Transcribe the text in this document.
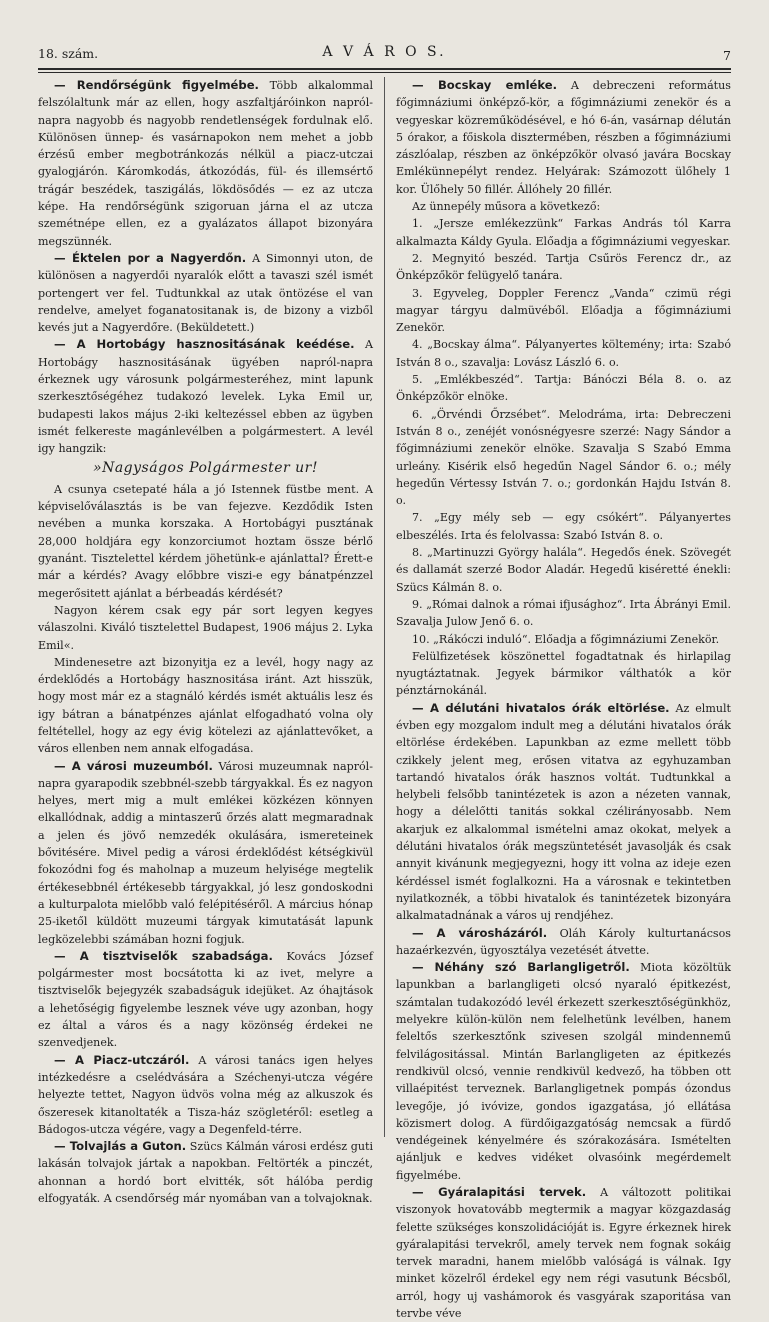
18. szám.	A V Á R O S.	7

— Rendőrségünk figyelmébe. Több alkalommal felszólaltunk már az ellen, hogy aszfaltjáróinkon napról-napra nagyobb és nagyobb rendetlenségek fordulnak elő. Különösen ünnep- és vasárnapokon nem mehet a jobb érzésű ember megbotránkozás nélkül a piacz-utczai gyalogjárón. Káromkodás, átkozódás, fül- és illemsértő trágár beszédek, taszigálás, lökdösődés — ez az utcza képe. Ha rendőrségünk szigoruan járna el az utcza szemétnépe ellen, ez a gyalázatos állapot bizonyára megszünnék.

— Éktelen por a Nagyerdőn. A Simonnyi uton, de különösen a nagyerdői nyaralók előtt a tavaszi szél ismét portengert ver fel. Tudtunkkal az utak öntözése el van rendelve, amelyet foganatositanak is, de bizony a vizből kevés jut a Nagyerdőre. (Beküldetett.)

— A Hortobágy hasznositásának keédése. A Hortobágy hasznositásának ügyében napról-napra érkeznek ugy városunk polgármesteréhez, mint lapunk szerkesztőségéhez tudakozó levelek. Lyka Emil ur, budapesti lakos május 2-iki keltezéssel ebben az ügyben ismét felkereste magánlevélben a polgármestert. A levél igy hangzik:

»Nagyságos Polgármester ur!

A csunya csetepaté hála a jó Istennek füstbe ment. A képviselőválasztás is be van fejezve. Kezdődik Isten nevében a munka korszaka. A Hortobágyi pusztának 28,000 holdjára egy konzorciumot hoztam össze bérlő gyanánt. Tisztelettel kérdem jöhetünk-e ajánlattal? Érett-e már a kérdés? Avagy előbbre viszi-e egy bánatpénzzel megerősitett ajánlat a bérbeadás kérdését?

Nagyon kérem csak egy pár sort legyen kegyes válaszolni. Kiváló tisztelettel Budapest, 1906 május 2. Lyka Emil«.

Mindenesetre azt bizonyitja ez a levél, hogy nagy az érdeklődés a Hortobágy hasznositása iránt. Azt hisszük, hogy most már ez a stagnáló kérdés ismét aktuális lesz és igy bátran a bánatpénzes ajánlat elfogadható volna oly feltétellel, hogy az egy évig kötelezi az ajánlattevőket, a város ellenben nem annak elfogadása.

— A városi muzeumból. Városi muzeumnak napról-napra gyarapodik szebbnél-szebb tárgyakkal. És ez nagyon helyes, mert mig a mult emlékei közkézen könnyen elkallódnak, addig a mintaszerű őrzés alatt megmaradnak a jelen és jövő nemzedék okulására, ismeretеinek bővitésére. Mivel pedig a városi érdeklődést kétségkivül fokozódni fog és maholnap a muzeum helyisége megtelik értékesebbnél értékesebb tárgyakkal, jó lesz gondoskodni a kulturpalota mielőbb való felépitéséről. A március hónap 25-iketől küldött muzeumi tárgyak kimutatását lapunk legközelebbi számában hozni fogjuk.

— A tisztviselők szabadsága. Kovács József polgármester most bocsátotta ki az ivet, melyre a tisztviselők bejegyzék szabadságuk idejüket. Az óhajtások a lehetőségig figyelembe lesznek véve ugy azonban, hogy ez által a város és a nagy közönség érdekei ne szenvedjenek.

— A Piacz-utczáról. A városi tanács igen helyes intézkedésre a cselédvására a Széchenyi-utcza végére helyezte tettet, Nagyon üdvös volna még az alkuszok és őszeresek kitanoltaték a Tisza-ház szögletéről: esetleg a Bádogos-utcza végére, vagy a Degenfeld-térre.

— Tolvajlás a Guton. Szücs Kálmán városi erdész guti lakásán tolvajok jártak a napokban. Feltörték a pinczét, ahonnan a hordó bort elvitték, sőt hálóba perdig elfogyaták. A csendőrség már nyomában van a tolvajoknak.

— Bocskay emléke. A debreczeni református főgimnáziumi önképző-kör, a főgimnáziumi zenekör és a vegyeskar közreműködésével, e hó 6-án, vasárnap délután 5 órakor, a főiskola disztermében, részben a főgimnáziumi zászlóalap, részben az önképzőkör olvasó javára Bocskay Emlékünnepélyt rendez. Helyárak: Számozott ülőhely 1 kor. Ülőhely 50 fillér. Állóhely 20 fillér.

Az ünnepély műsora a következő:

1. „Jersze emlékezzünk“ Farkas András tól Karra alkalmazta Káldy Gyula. Előadja a főgimnáziumi vegyeskar.

2. Megnyitó beszéd. Tartja Csűrös Ferencz dr., az Önképzőkör felügyelő tanára.

3. Egyveleg, Doppler Ferencz „Vanda“ czimü régi magyar tárgyu dalmüvéből. Előadja a főgimnáziumi Zenekör.

4. „Bocskay álma“. Pályanyertes költemény; irta: Szabó István 8 o., szavalja: Lovász László 6. o.

5. „Emlékbeszéd“. Tartja: Bánóczi Béla 8. o. az Önképzőkör elnöke.

6. „Örvéndi Őrzsébet“. Melodráma, irta: Debreczeni István 8 o., zenéjét vonósnégyesre szerzé: Nagy Sándor a főgimnáziumi zenekör elnöke. Szavalja S Szabó Emma urleány. Kisérik első hegedűn Nagel Sándor 6. o.; mély hegedűn Vértessy István 7. o.; gordonkán Hajdu István 8. o.

7. „Egy mély seb — egy csókért“. Pályanyertes elbeszélés. Irta és felolvassa: Szabó István 8. o.

8. „Martinuzzi György halála“. Hegedős ének. Szövegét és dallamát szerzé Bodor Aladár. Hegedű kiséretté énekli: Szücs Kálmán 8. o.

9. „Római dalnok a római ifjusághoz“. Irta Ábrányi Emil. Szavalja Julow Jenő 6. o.

10. „Rákóczi induló“. Előadja a főgimnáziumi Zenekör.

Felülfizetések köszönettel fogadtatnak és hirlapilag nyugtáztatnak. Jegyek bármikor válthatók a kör pénztárnokánál.

— A délutáni hivatalos órák eltörlése. Az elmult évben egy mozgalom indult meg a délutáni hivatalos órák eltörlése érdekében. Lapunkban az ezme mellett több czikkely jelent meg, erősen vitatva az egyhuzamban tartandó hivatalos órák hasznos voltát. Tudtunkkal a helybeli felsőbb tanintézetek is azon a nézeten vannak, hogy a délelőtti tanitás sokkal czélirányosabb. Nem akarjuk ez alkalommal ismételni amaz okokat, melyek a délutáni hivatalos órák megszüntetését javasolják és csak annyit kivánunk megjegyezni, hogy itt volna az ideje ezen kérdéssel ismét foglalkozni. Ha a városnak e tekintetben nyilatkoznék, a többi hivatalok és tanintézetek bizonyára alkalmatadnának a város uj rendjéhez.

— A városházáról. Oláh Károly kulturtanácsos hazaérkezvén, ügyosztálya vezetését átvette.

— Néhány szó Barlangligetről. Miota közöltük lapunkban a barlangligeti olcsó nyaraló épitkezést, számtalan tudakozódó levél érkezett szerkesztőségünkhöz, melyekre külön-külön nem felelhetünk levélben, hanem feleltős szerkesztőnk szivesen szolgál mindennemű felvilágositással. Mintán Barlangligeten az épitkezés rendkivül olcsó, vennie rendkivül kedvező, ha többen ott villaépitést terveznek. Barlangligetnek pompás ózondus levegője, jó ivóvize, gondos igazgatása, jó ellátása közismert dolog. A fürdőigazgatóság nemcsak a fürdő vendégeinek kényelmére és szórakozására. Ismételten ajánljuk e kedves vidéket olvasóink megérdemelt figyelmébe.

— Gyáralapitási tervek. A változott politikai viszonyok hovatovább megtermik a magyar közgazdaság felette szükséges konszolidációját is. Egyre érkeznek hirek gyáralapitási tervekről, amely tervek nem fognak sokáig tervek maradni, hanem mielőbb valóságá is válnak. Igy minket közelről érdekel egy nem régi vasutunk Bécsből, arról, hogy uj vashámorok és vasgyárak szaporitása van tervbe véve
